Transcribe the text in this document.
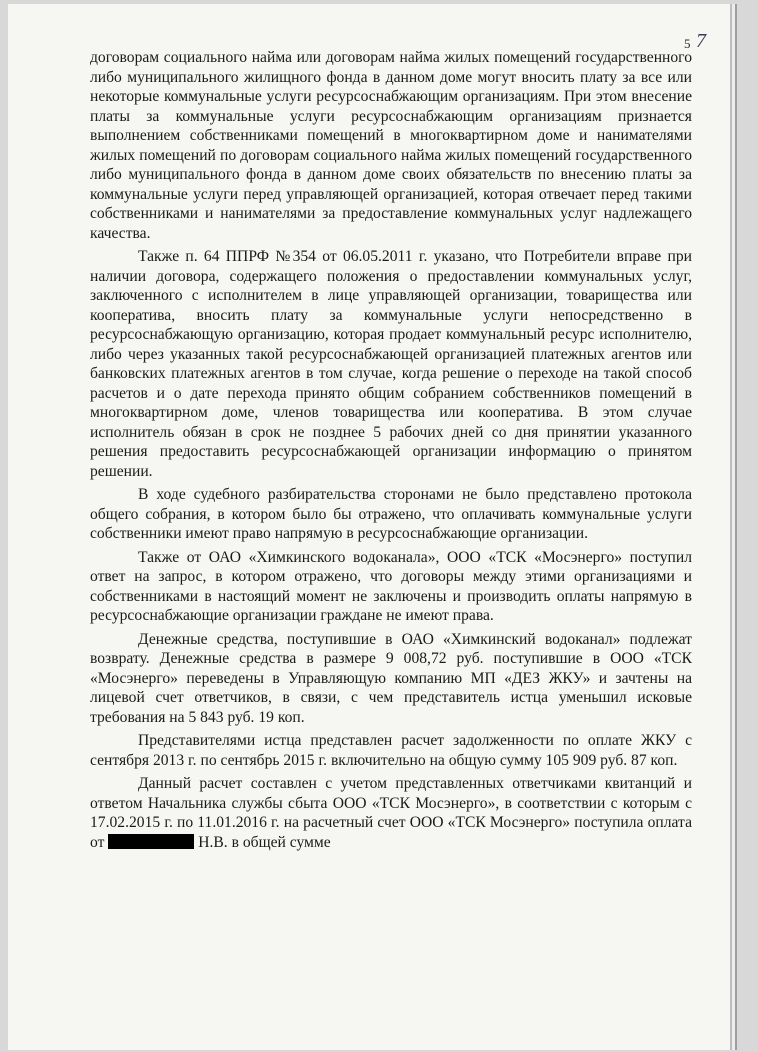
5 7

договорам социального найма или договорам найма жилых помещений государственного либо муниципального жилищного фонда в данном доме могут вносить плату за все или некоторые коммунальные услуги ресурсоснабжающим организациям. При этом внесение платы за коммунальные услуги ресурсоснабжающим организациям признается выполнением собственниками помещений в многоквартирном доме и нанимателями жилых помещений по договорам социального найма жилых помещений государственного либо муниципального фонда в данном доме своих обязательств по внесению платы за коммунальные услуги перед управляющей организацией, которая отвечает перед такими собственниками и нанимателями за предоставление коммунальных услуг надлежащего качества.

Также п. 64 ППРФ №354 от 06.05.2011 г. указано, что Потребители вправе при наличии договора, содержащего положения о предоставлении коммунальных услуг, заключенного с исполнителем в лице управляющей организации, товарищества или кооператива, вносить плату за коммунальные услуги непосредственно в ресурсоснабжающую организацию, которая продает коммунальный ресурс исполнителю, либо через указанных такой ресурсоснабжающей организацией платежных агентов или банковских платежных агентов в том случае, когда решение о переходе на такой способ расчетов и о дате перехода принято общим собранием собственников помещений в многоквартирном доме, членов товарищества или кооператива. В этом случае исполнитель обязан в срок не позднее 5 рабочих дней со дня принятии указанного решения предоставить ресурсоснабжающей организации информацию о принятом решении.

В ходе судебного разбирательства сторонами не было представлено протокола общего собрания, в котором было бы отражено, что оплачивать коммунальные услуги собственники имеют право напрямую в ресурсоснабжающие организации.

Также от ОАО «Химкинского водоканала», ООО «ТСК «Мосэнерго» поступил ответ на запрос, в котором отражено, что договоры между этими организациями и собственниками в настоящий момент не заключены и производить оплаты напрямую в ресурсоснабжающие организации граждане не имеют права.

Денежные средства, поступившие в ОАО «Химкинский водоканал» подлежат возврату. Денежные средства в размере 9 008,72 руб. поступившие в ООО «ТСК «Мосэнерго» переведены в Управляющую компанию МП «ДЕЗ ЖКУ» и зачтены на лицевой счет ответчиков, в связи, с чем представитель истца уменьшил исковые требования на 5 843 руб. 19 коп.

Представителями истца представлен расчет задолженности по оплате ЖКУ с сентября 2013 г. по сентябрь 2015 г. включительно на общую сумму 105 909 руб. 87 коп.

Данный расчет составлен с учетом представленных ответчиками квитанций и ответом Начальника службы сбыта ООО «ТСК Мосэнерго», в соответствии с которым с 17.02.2015 г. по 11.01.2016 г. на расчетный счет ООО «ТСК Мосэнерго» поступила оплата от	Н.В. в общей сумме
